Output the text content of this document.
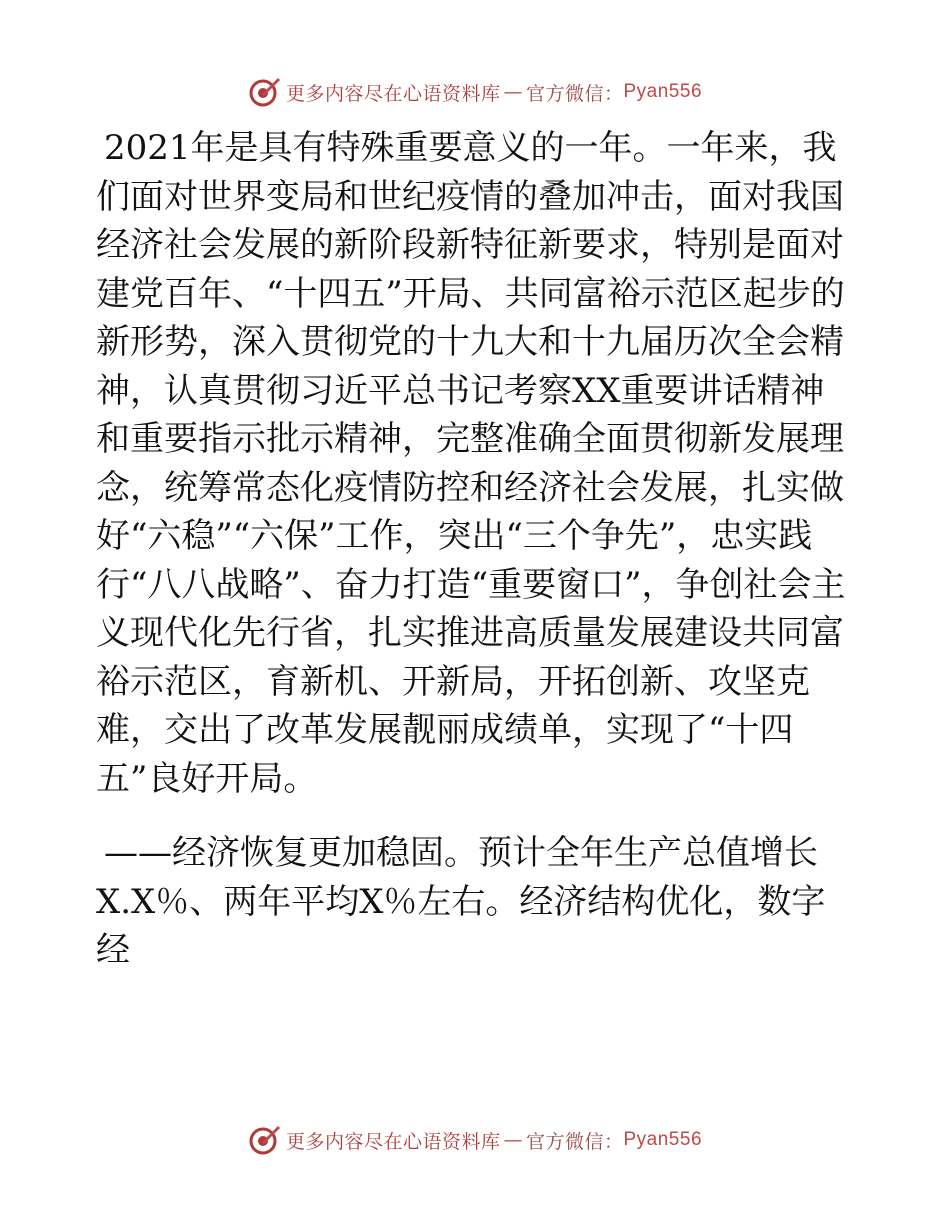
更多内容尽在心语资料库 — 官方微信： Pyan556

2021年是具有特殊重要意义的一年。一年来，我们面对世界变局和世纪疫情的叠加冲击，面对我国经济社会发展的新阶段新特征新要求，特别是面对建党百年、“十四五”开局、共同富裕示范区起步的新形势，深入贯彻党的十九大和十九届历次全会精神，认真贯彻习近平总书记考察XX重要讲话精神和重要指示批示精神，完整准确全面贯彻新发展理念，统筹常态化疫情防控和经济社会发展，扎实做好“六稳”“六保”工作，突出“三个争先”，忠实践行“八八战略”、奋力打造“重要窗口”，争创社会主义现代化先行省，扎实推进高质量发展建设共同富裕示范区，育新机、开新局，开拓创新、攻坚克难，交出了改革发展靓丽成绩单，实现了“十四五”良好开局。

——经济恢复更加稳固。预计全年生产总值增长X.X％、两年平均X％左右。经济结构优化，数字经

更多内容尽在心语资料库 — 官方微信： Pyan556
